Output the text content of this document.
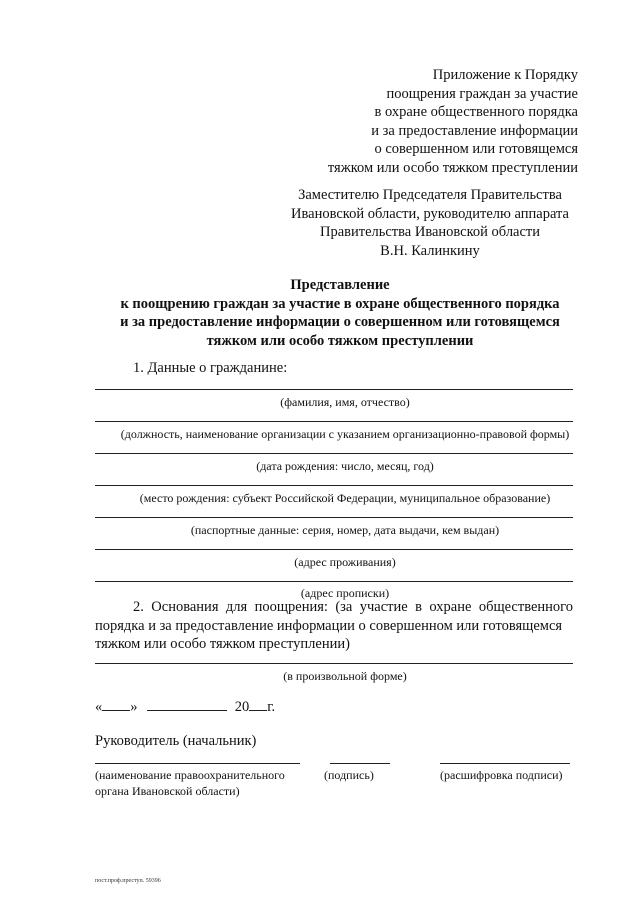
Приложение к Порядку
поощрения граждан за участие
в охране общественного порядка
и за предоставление информации
о совершенном или готовящемся
тяжком или особо тяжком преступлении
Заместителю Председателя Правительства
Ивановской области, руководителю аппарата
Правительства Ивановской области
В.Н. Калинкину
Представление
к поощрению граждан за участие в охране общественного порядка
и за предоставление информации о совершенном или готовящемся
тяжком или особо тяжком преступлении
1. Данные о гражданине:
(фамилия, имя, отчество)
(должность, наименование организации с указанием организационно-правовой формы)
(дата рождения: число, месяц, год)
(место рождения: субъект Российской Федерации, муниципальное образование)
(паспортные данные: серия, номер, дата выдачи, кем выдан)
(адрес проживания)
(адрес прописки)
2. Основания для поощрения: (за участие в охране общественного порядка и за предоставление информации о совершенном или готовящемся
тяжком или особо тяжком преступлении)
(в произвольной форме)
« »	20 г.
Руководитель (начальник)
(наименование правоохранительного
органа Ивановской области)
(подпись)	(расшифровка подписи)
пост.проф.преступ. 59396
